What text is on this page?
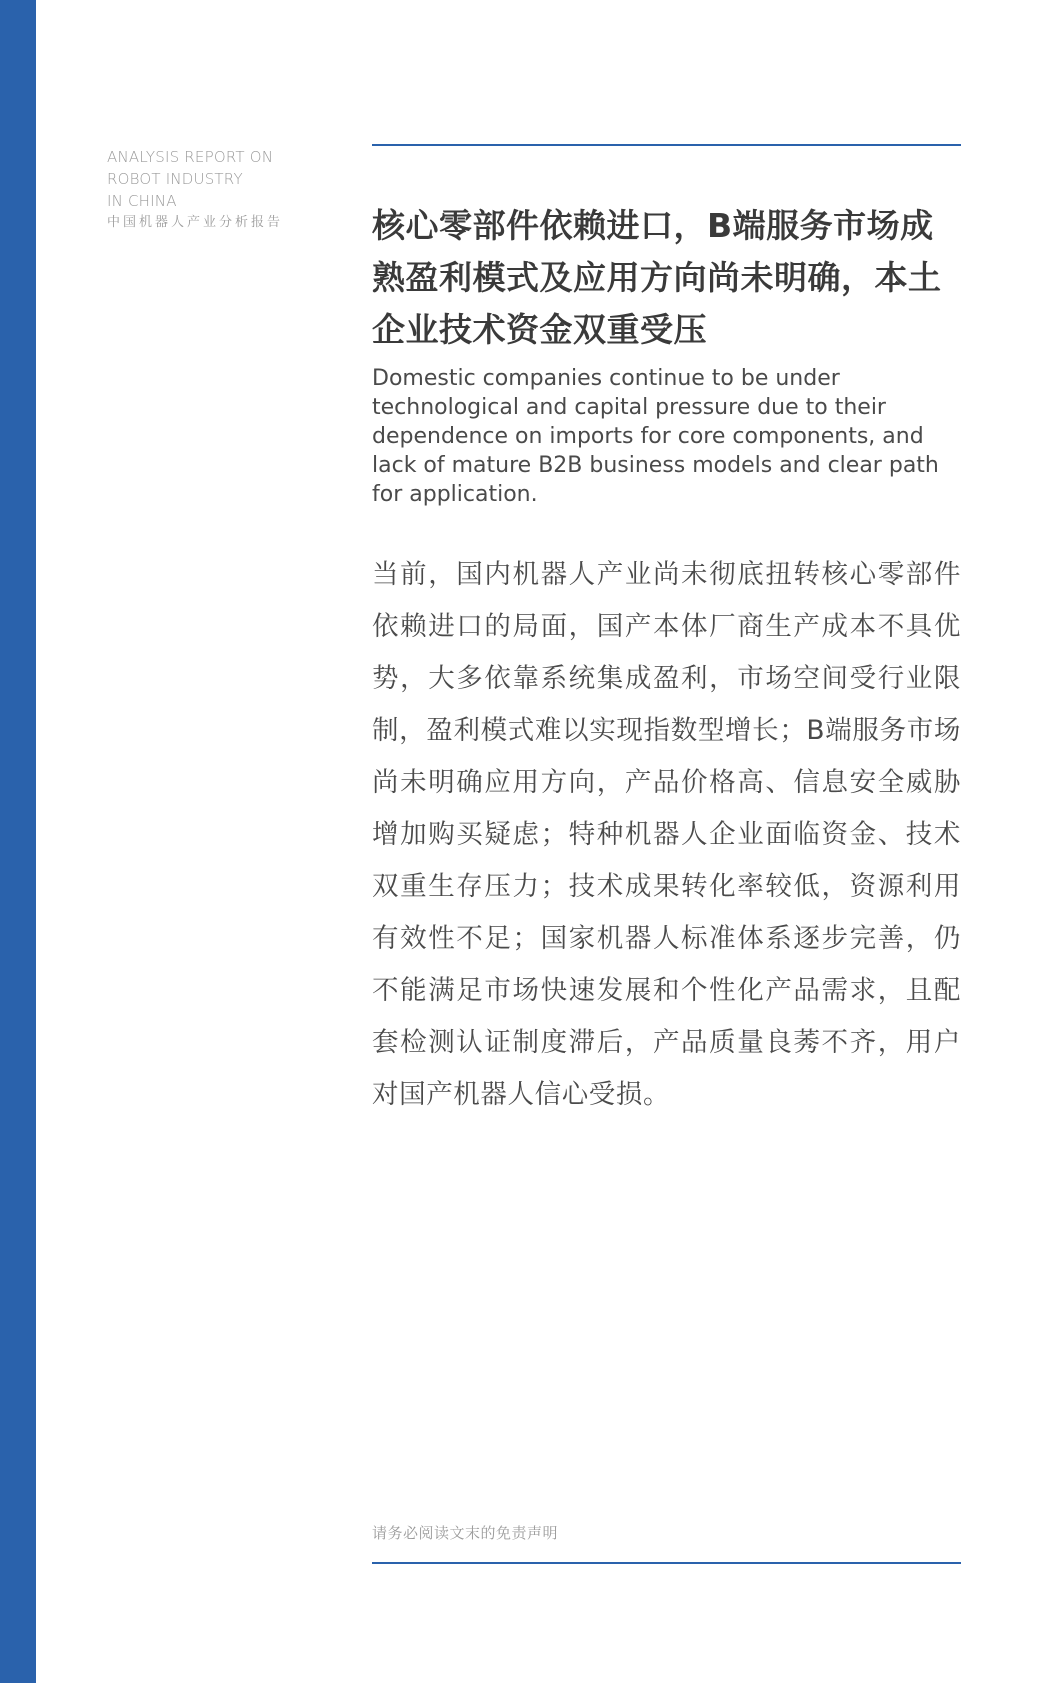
ANALYSIS REPORT ON
ROBOT INDUSTRY
IN CHINA
中国机器人产业分析报告	核心零部件依赖进口，B端服务市场成熟盈利模式及应用方向尚未明确，本土企业技术资金双重受压

Domestic companies continue to be under technological and capital pressure due to their dependence on imports for core components, and lack of mature B2B business models and clear path for application.

当前，国内机器人产业尚未彻底扭转核心零部件依赖进口的局面，国产本体厂商生产成本不具优势，大多依靠系统集成盈利，市场空间受行业限制，盈利模式难以实现指数型增长；B端服务市场尚未明确应用方向，产品价格高、信息安全威胁增加购买疑虑；特种机器人企业面临资金、技术双重生存压力；技术成果转化率较低，资源利用有效性不足；国家机器人标准体系逐步完善，仍不能满足市场快速发展和个性化产品需求，且配套检测认证制度滞后，产品质量良莠不齐，用户对国产机器人信心受损。

请务必阅读文末的免责声明
